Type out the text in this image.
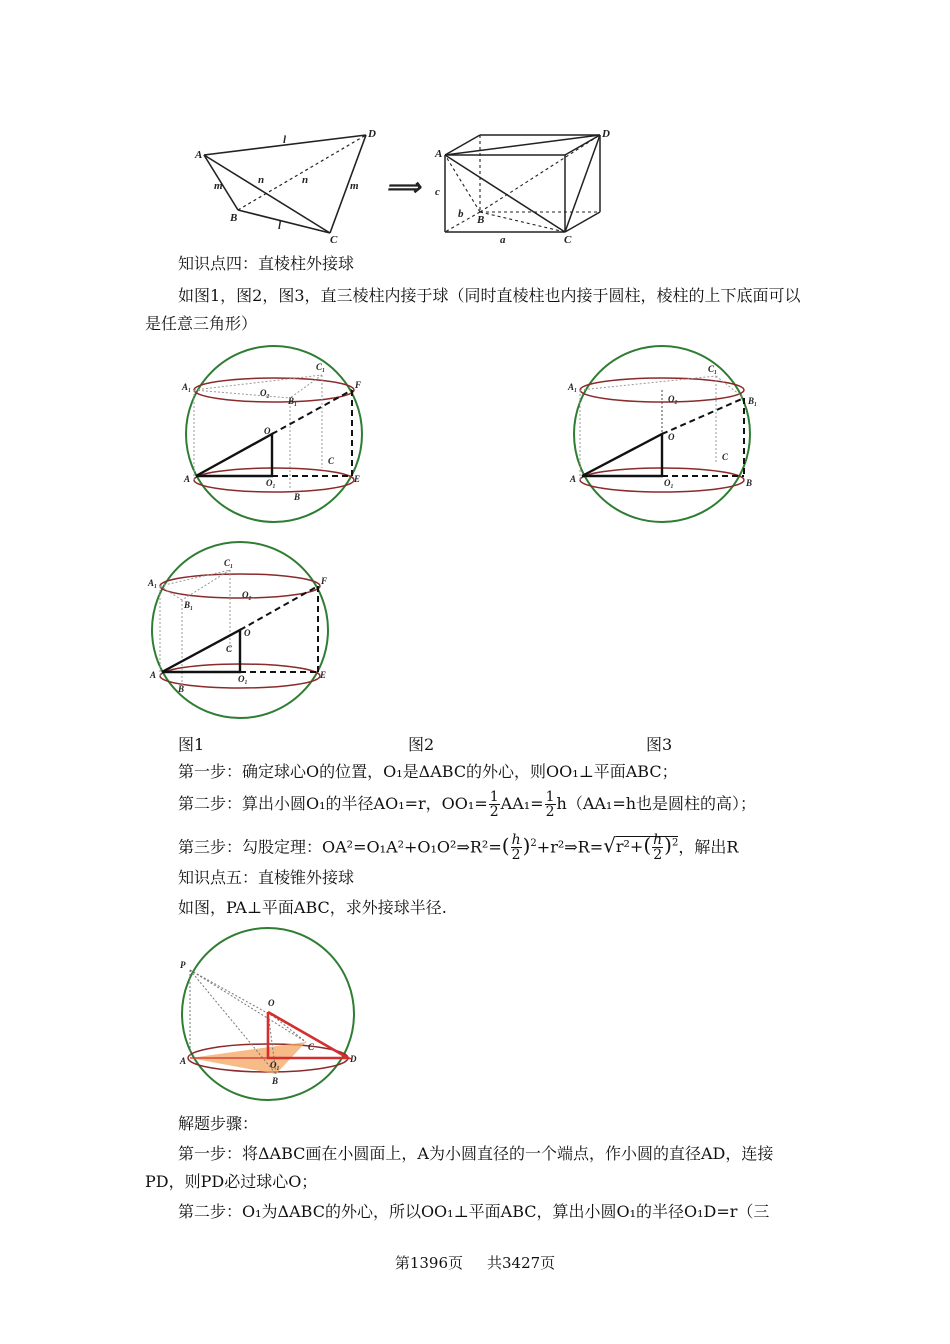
A
D
B
C
l
m	n	n	m
l
⟹
A
D
B
C
c
b
a
知识点四：直棱柱外接球
如图1，图2，图3，直三棱柱内接于球（同时直棱柱也内接于圆柱，棱柱的上下底面可以
是任意三角形）
A₁
C₁
F
O₂
B₁
O
C
A	O₁
B
E
A₁
C₁
B₁
O₂
O
C
A	O₁	B
A₁
C₁
F
B₁
O₂
O
C
A	O₁
B
E
图1	图2	图3
第一步：确定球心O的位置，O₁是ΔABC的外心，则OO₁⊥平面ABC；
第二步：算出小圆O₁的半径AO₁=r，$OO_1= \frac{1}{2} AA_1= \frac{1}{2} h(AA_1=h$也是圆柱的高）；
第三步：勾股定理：OA²=O₁A²+O₁O²⇒R²=( $\frac{h}{2}$ )$^2$+r²⇒R=√r²+( $\frac{h}{2} )^2$，解出R
知识点五：直棱锥外接球
如图，PA⊥平面ABC，求外接球半径.
P
O
C
A	O₁
B
D
解题步骤：
第一步：将ΔABC画在小圆面上，A为小圆直径的一个端点，作小圆的直径AD，连接
PD，则PD必过球心O；
第二步：O₁为ΔABC的外心，所以OO₁⊥平面ABC，算出小圆O₁的半径O₁D=r（三
第1396页 共3427页
